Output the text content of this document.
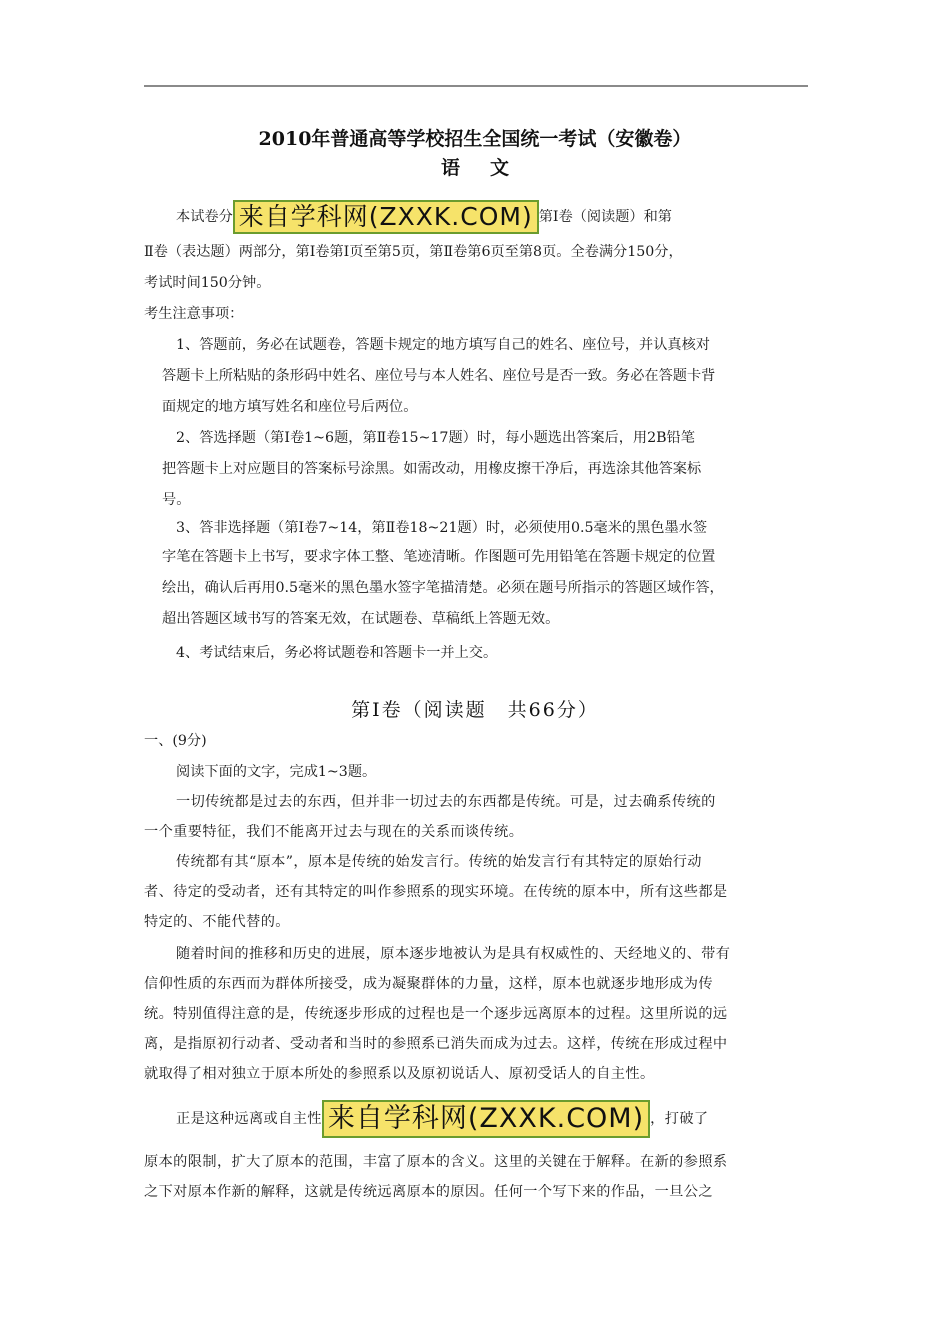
2010年普通高等学校招生全国统一考试（安徽卷）
语文
本试卷分 来自学科网(ZXXK.COM) 第Ⅰ卷（阅读题）和第
Ⅱ卷（表达题）两部分，第Ⅰ卷第Ⅰ页至第5页，第Ⅱ卷第6页至第8页。全卷满分150分，
考试时间150分钟。
考生注意事项：
1、答题前，务必在试题卷，答题卡规定的地方填写自己的姓名、座位号，并认真核对
答题卡上所粘贴的条形码中姓名、座位号与本人姓名、座位号是否一致。务必在答题卡背
面规定的地方填写姓名和座位号后两位。
2、答选择题（第Ⅰ卷1~6题，第Ⅱ卷15~17题）时，每小题选出答案后，用2B铅笔
把答题卡上对应题目的答案标号涂黑。如需改动，用橡皮擦干净后，再选涂其他答案标
号。
3、答非选择题（第Ⅰ卷7~14，第Ⅱ卷18~21题）时，必须使用0.5毫米的黑色墨水签
字笔在答题卡上书写，要求字体工整、笔迹清晰。作图题可先用铅笔在答题卡规定的位置
绘出，确认后再用0.5毫米的黑色墨水签字笔描清楚。必须在题号所指示的答题区域作答，
超出答题区域书写的答案无效，在试题卷、草稿纸上答题无效。
4、考试结束后，务必将试题卷和答题卡一并上交。
第Ⅰ卷（阅读题　共66分）
一、(9分)
阅读下面的文字，完成1~3题。
一切传统都是过去的东西，但并非一切过去的东西都是传统。可是，过去确系传统的
一个重要特征，我们不能离开过去与现在的关系而谈传统。
传统都有其“原本”，原本是传统的始发言行。传统的始发言行有其特定的原始行动
者、待定的受动者，还有其特定的叫作参照系的现实环境。在传统的原本中，所有这些都是
特定的、不能代替的。
随着时间的推移和历史的进展，原本逐步地被认为是具有权威性的、天经地义的、带有
信仰性质的东西而为群体所接受，成为凝聚群体的力量，这样，原本也就逐步地形成为传
统。特别值得注意的是，传统逐步形成的过程也是一个逐步远离原本的过程。这里所说的远
离，是指原初行动者、受动者和当时的参照系已消失而成为过去。这样，传统在形成过程中
就取得了相对独立于原本所处的参照系以及原初说话人、原初受话人的自主性。
正是这种远离或自主性 来自学科网(ZXXK.COM) ，打破了
原本的限制，扩大了原本的范围，丰富了原本的含义。这里的关键在于解释。在新的参照系
之下对原本作新的解释，这就是传统远离原本的原因。任何一个写下来的作品，一旦公之
